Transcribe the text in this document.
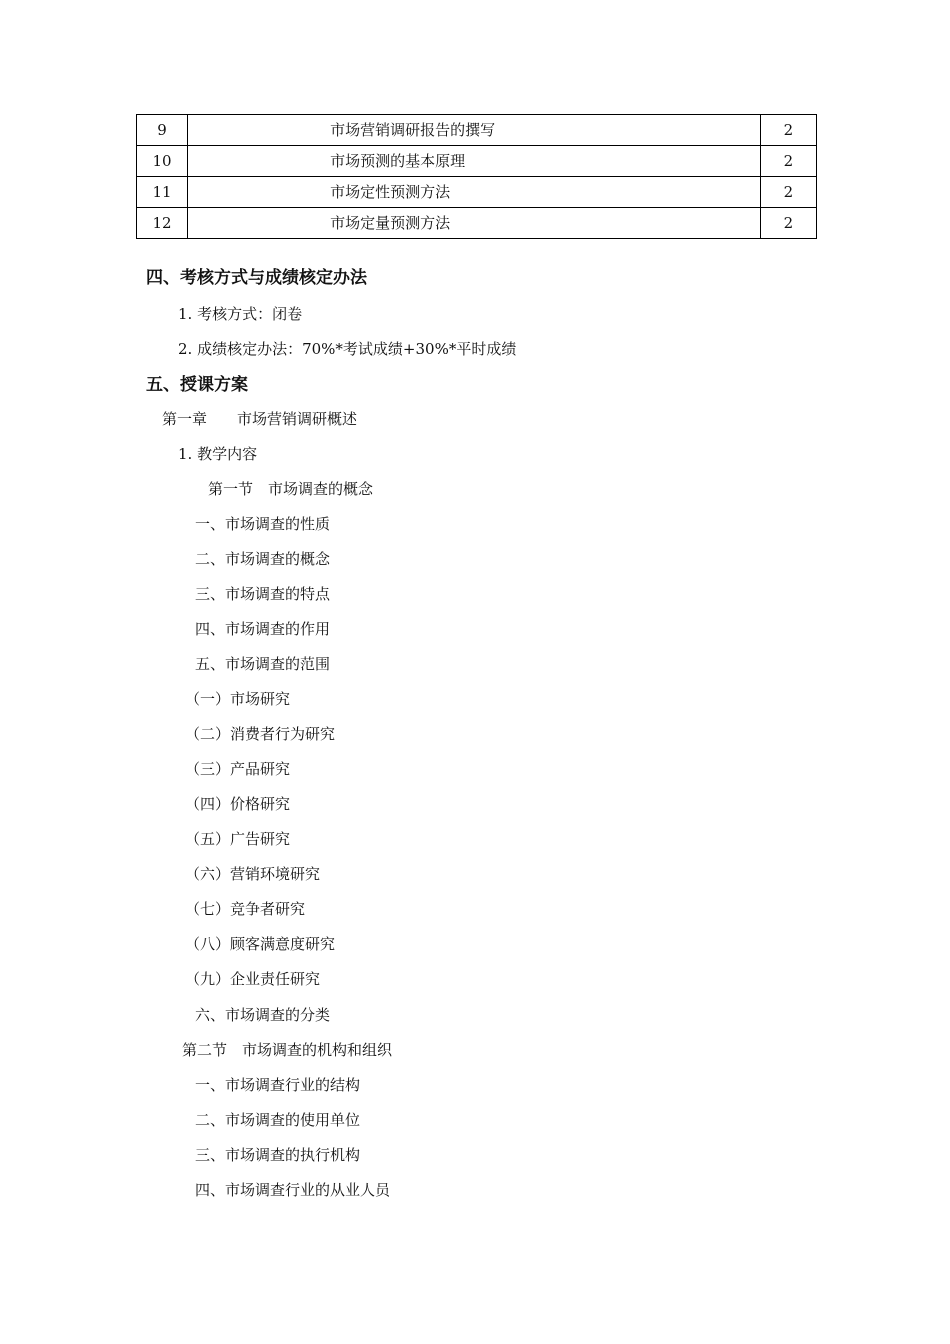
9	市场营销调研报告的撰写	2
10	市场预测的基本原理	2
11	市场定性预测方法	2
12	市场定量预测方法	2
四、考核方式与成绩核定办法
1. 考核方式：闭卷
2. 成绩核定办法：70%*考试成绩+30%*平时成绩
五、授课方案
第一章　　市场营销调研概述
1. 教学内容
第一节　市场调查的概念
一、市场调查的性质
二、市场调查的概念
三、市场调查的特点
四、市场调查的作用
五、市场调查的范围
（一）市场研究
（二）消费者行为研究
（三）产品研究
（四）价格研究
（五）广告研究
（六）营销环境研究
（七）竞争者研究
（八）顾客满意度研究
（九）企业责任研究
六、市场调查的分类
第二节　市场调查的机构和组织
一、市场调查行业的结构
二、市场调查的使用单位
三、市场调查的执行机构
四、市场调查行业的从业人员
